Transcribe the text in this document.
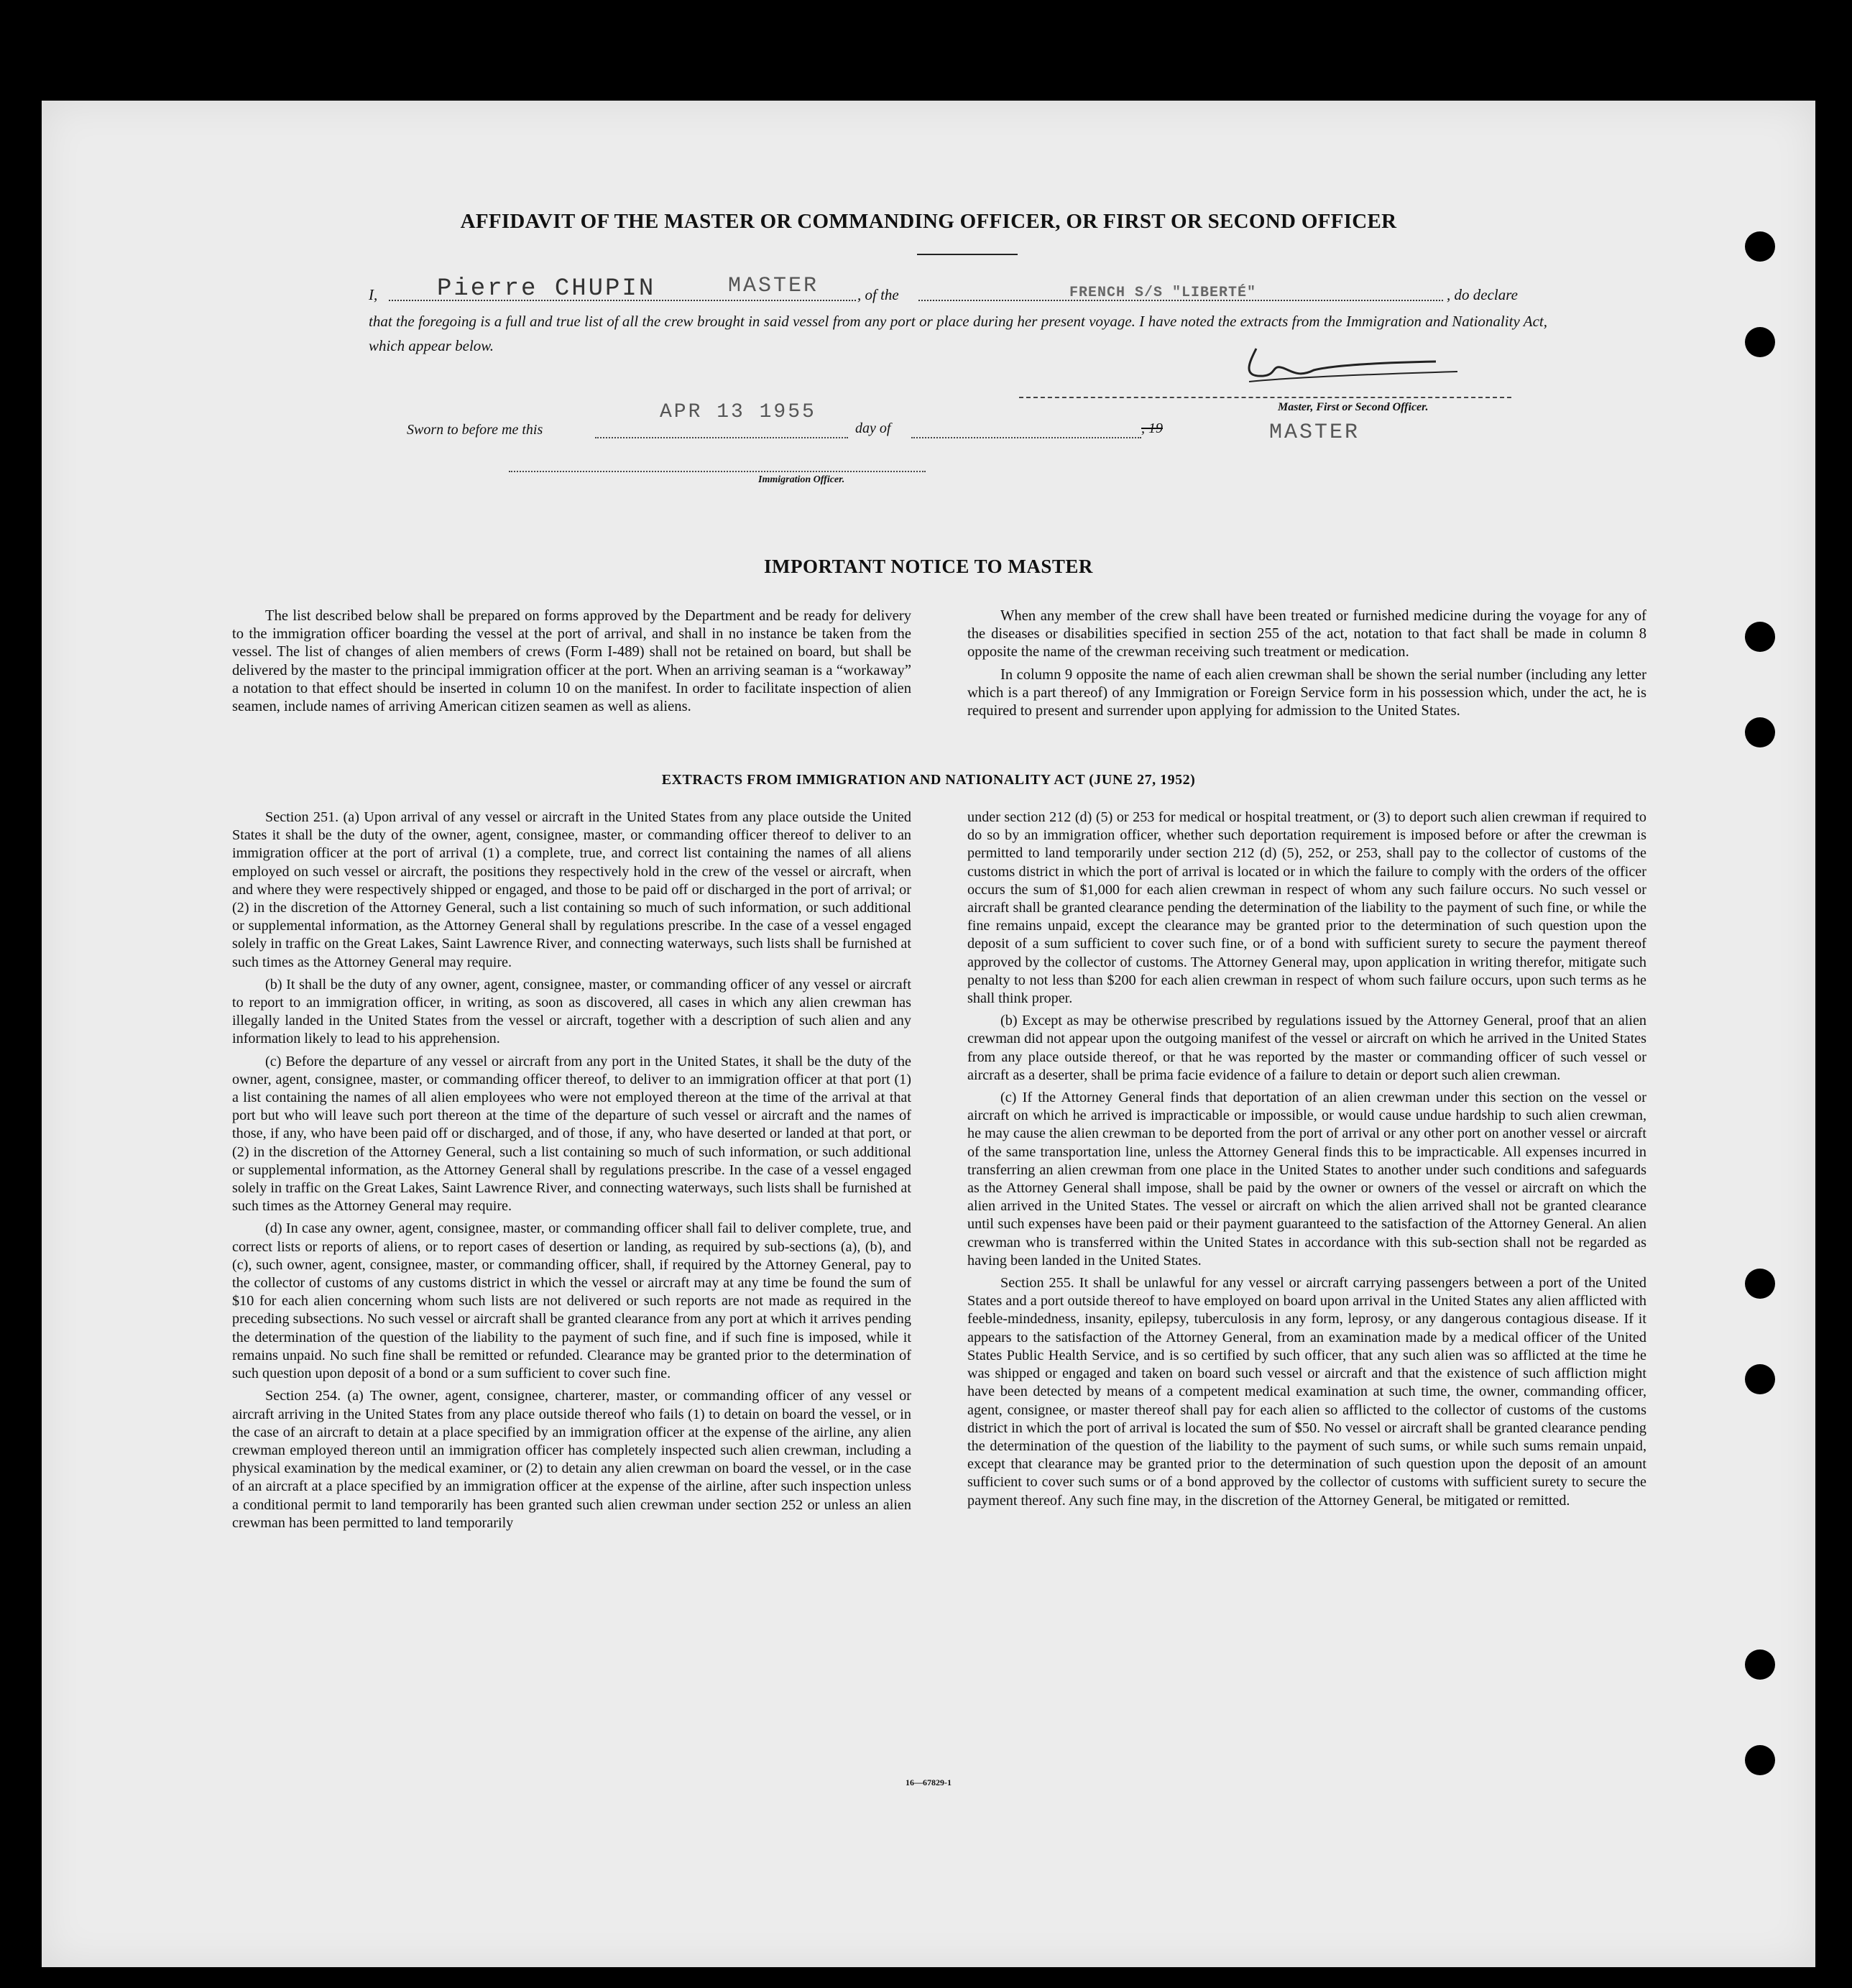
AFFIDAVIT OF THE MASTER OR COMMANDING OFFICER, OR FIRST OR SECOND OFFICER
I, Pierre CHUPIN	MASTER	, of the	FRENCH S/S "LIBERTÉ"	, do declare
that the foregoing is a full and true list of all the crew brought in said vessel from any port or place during her present voyage. I have noted the extracts from the Immigration and Nationality Act, which appear below.
Master, First or Second Officer.
MASTER
Sworn to before me this
APR 13 1955
day of	, 19
Immigration Officer.
IMPORTANT NOTICE TO MASTER

The list described below shall be prepared on forms approved by the Department and be ready for delivery to the immigration officer boarding the vessel at the port of arrival, and shall in no instance be taken from the vessel. The list of changes of alien members of crews (Form I-489) shall not be retained on board, but shall be delivered by the master to the principal immigration officer at the port. When an arriving seaman is a “workaway” a notation to that effect should be inserted in column 10 on the manifest. In order to facilitate inspection of alien seamen, include names of arriving American citizen seamen as well as aliens.

When any member of the crew shall have been treated or furnished medicine during the voyage for any of the diseases or disabilities specified in section 255 of the act, notation to that fact shall be made in column 8 opposite the name of the crewman receiving such treatment or medication.

In column 9 opposite the name of each alien crewman shall be shown the serial number (including any letter which is a part thereof) of any Immigration or Foreign Service form in his possession which, under the act, he is required to present and surrender upon applying for admission to the United States.

EXTRACTS FROM IMMIGRATION AND NATIONALITY ACT (JUNE 27, 1952)

Section 251. (a) Upon arrival of any vessel or aircraft in the United States from any place outside the United States it shall be the duty of the owner, agent, consignee, master, or commanding officer thereof to deliver to an immigration officer at the port of arrival (1) a complete, true, and correct list containing the names of all aliens employed on such vessel or aircraft, the positions they respectively hold in the crew of the vessel or aircraft, when and where they were respectively shipped or engaged, and those to be paid off or discharged in the port of arrival; or (2) in the discretion of the Attorney General, such a list containing so much of such information, or such additional or supplemental information, as the Attorney General shall by regulations prescribe. In the case of a vessel engaged solely in traffic on the Great Lakes, Saint Lawrence River, and connecting waterways, such lists shall be furnished at such times as the Attorney General may require.

(b) It shall be the duty of any owner, agent, consignee, master, or commanding officer of any vessel or aircraft to report to an immigration officer, in writing, as soon as discovered, all cases in which any alien crewman has illegally landed in the United States from the vessel or aircraft, together with a description of such alien and any information likely to lead to his apprehension.

(c) Before the departure of any vessel or aircraft from any port in the United States, it shall be the duty of the owner, agent, consignee, master, or commanding officer thereof, to deliver to an immigration officer at that port (1) a list containing the names of all alien employees who were not employed thereon at the time of the arrival at that port but who will leave such port thereon at the time of the departure of such vessel or aircraft and the names of those, if any, who have been paid off or discharged, and of those, if any, who have deserted or landed at that port, or (2) in the discretion of the Attorney General, such a list containing so much of such information, or such additional or supplemental information, as the Attorney General shall by regulations prescribe. In the case of a vessel engaged solely in traffic on the Great Lakes, Saint Lawrence River, and connecting waterways, such lists shall be furnished at such times as the Attorney General may require.

(d) In case any owner, agent, consignee, master, or commanding officer shall fail to deliver complete, true, and correct lists or reports of aliens, or to report cases of desertion or landing, as required by sub-sections (a), (b), and (c), such owner, agent, consignee, master, or commanding officer, shall, if required by the Attorney General, pay to the collector of customs of any customs district in which the vessel or aircraft may at any time be found the sum of $10 for each alien concerning whom such lists are not delivered or such reports are not made as required in the preceding subsections. No such vessel or aircraft shall be granted clearance from any port at which it arrives pending the determination of the question of the liability to the payment of such fine, and if such fine is imposed, while it remains unpaid. No such fine shall be remitted or refunded. Clearance may be granted prior to the determination of such question upon deposit of a bond or a sum sufficient to cover such fine.

Section 254. (a) The owner, agent, consignee, charterer, master, or commanding officer of any vessel or aircraft arriving in the United States from any place outside thereof who fails (1) to detain on board the vessel, or in the case of an aircraft to detain at a place specified by an immigration officer at the expense of the airline, any alien crewman employed thereon until an immigration officer has completely inspected such alien crewman, including a physical examination by the medical examiner, or (2) to detain any alien crewman on board the vessel, or in the case of an aircraft at a place specified by an immigration officer at the expense of the airline, after such inspection unless a conditional permit to land temporarily has been granted such alien crewman under section 252 or unless an alien crewman has been permitted to land temporarily

under section 212 (d) (5) or 253 for medical or hospital treatment, or (3) to deport such alien crewman if required to do so by an immigration officer, whether such deportation requirement is imposed before or after the crewman is permitted to land temporarily under section 212 (d) (5), 252, or 253, shall pay to the collector of customs of the customs district in which the port of arrival is located or in which the failure to comply with the orders of the officer occurs the sum of $1,000 for each alien crewman in respect of whom any such failure occurs. No such vessel or aircraft shall be granted clearance pending the determination of the liability to the payment of such fine, or while the fine remains unpaid, except the clearance may be granted prior to the determination of such question upon the deposit of a sum sufficient to cover such fine, or of a bond with sufficient surety to secure the payment thereof approved by the collector of customs. The Attorney General may, upon application in writing therefor, mitigate such penalty to not less than $200 for each alien crewman in respect of whom such failure occurs, upon such terms as he shall think proper.

(b) Except as may be otherwise prescribed by regulations issued by the Attorney General, proof that an alien crewman did not appear upon the outgoing manifest of the vessel or aircraft on which he arrived in the United States from any place outside thereof, or that he was reported by the master or commanding officer of such vessel or aircraft as a deserter, shall be prima facie evidence of a failure to detain or deport such alien crewman.

(c) If the Attorney General finds that deportation of an alien crewman under this section on the vessel or aircraft on which he arrived is impracticable or impossible, or would cause undue hardship to such alien crewman, he may cause the alien crewman to be deported from the port of arrival or any other port on another vessel or aircraft of the same transportation line, unless the Attorney General finds this to be impracticable. All expenses incurred in transferring an alien crewman from one place in the United States to another under such conditions and safeguards as the Attorney General shall impose, shall be paid by the owner or owners of the vessel or aircraft on which the alien arrived in the United States. The vessel or aircraft on which the alien arrived shall not be granted clearance until such expenses have been paid or their payment guaranteed to the satisfaction of the Attorney General. An alien crewman who is transferred within the United States in accordance with this sub-section shall not be regarded as having been landed in the United States.

Section 255. It shall be unlawful for any vessel or aircraft carrying passengers between a port of the United States and a port outside thereof to have employed on board upon arrival in the United States any alien afflicted with feeble-mindedness, insanity, epilepsy, tuberculosis in any form, leprosy, or any dangerous contagious disease. If it appears to the satisfaction of the Attorney General, from an examination made by a medical officer of the United States Public Health Service, and is so certified by such officer, that any such alien was so afflicted at the time he was shipped or engaged and taken on board such vessel or aircraft and that the existence of such affliction might have been detected by means of a competent medical examination at such time, the owner, commanding officer, agent, consignee, or master thereof shall pay for each alien so afflicted to the collector of customs of the customs district in which the port of arrival is located the sum of $50. No vessel or aircraft shall be granted clearance pending the determination of the question of the liability to the payment of such sums, or while such sums remain unpaid, except that clearance may be granted prior to the determination of such question upon the deposit of an amount sufficient to cover such sums or of a bond approved by the collector of customs with sufficient surety to secure the payment thereof. Any such fine may, in the discretion of the Attorney General, be mitigated or remitted.

16—67829-1
